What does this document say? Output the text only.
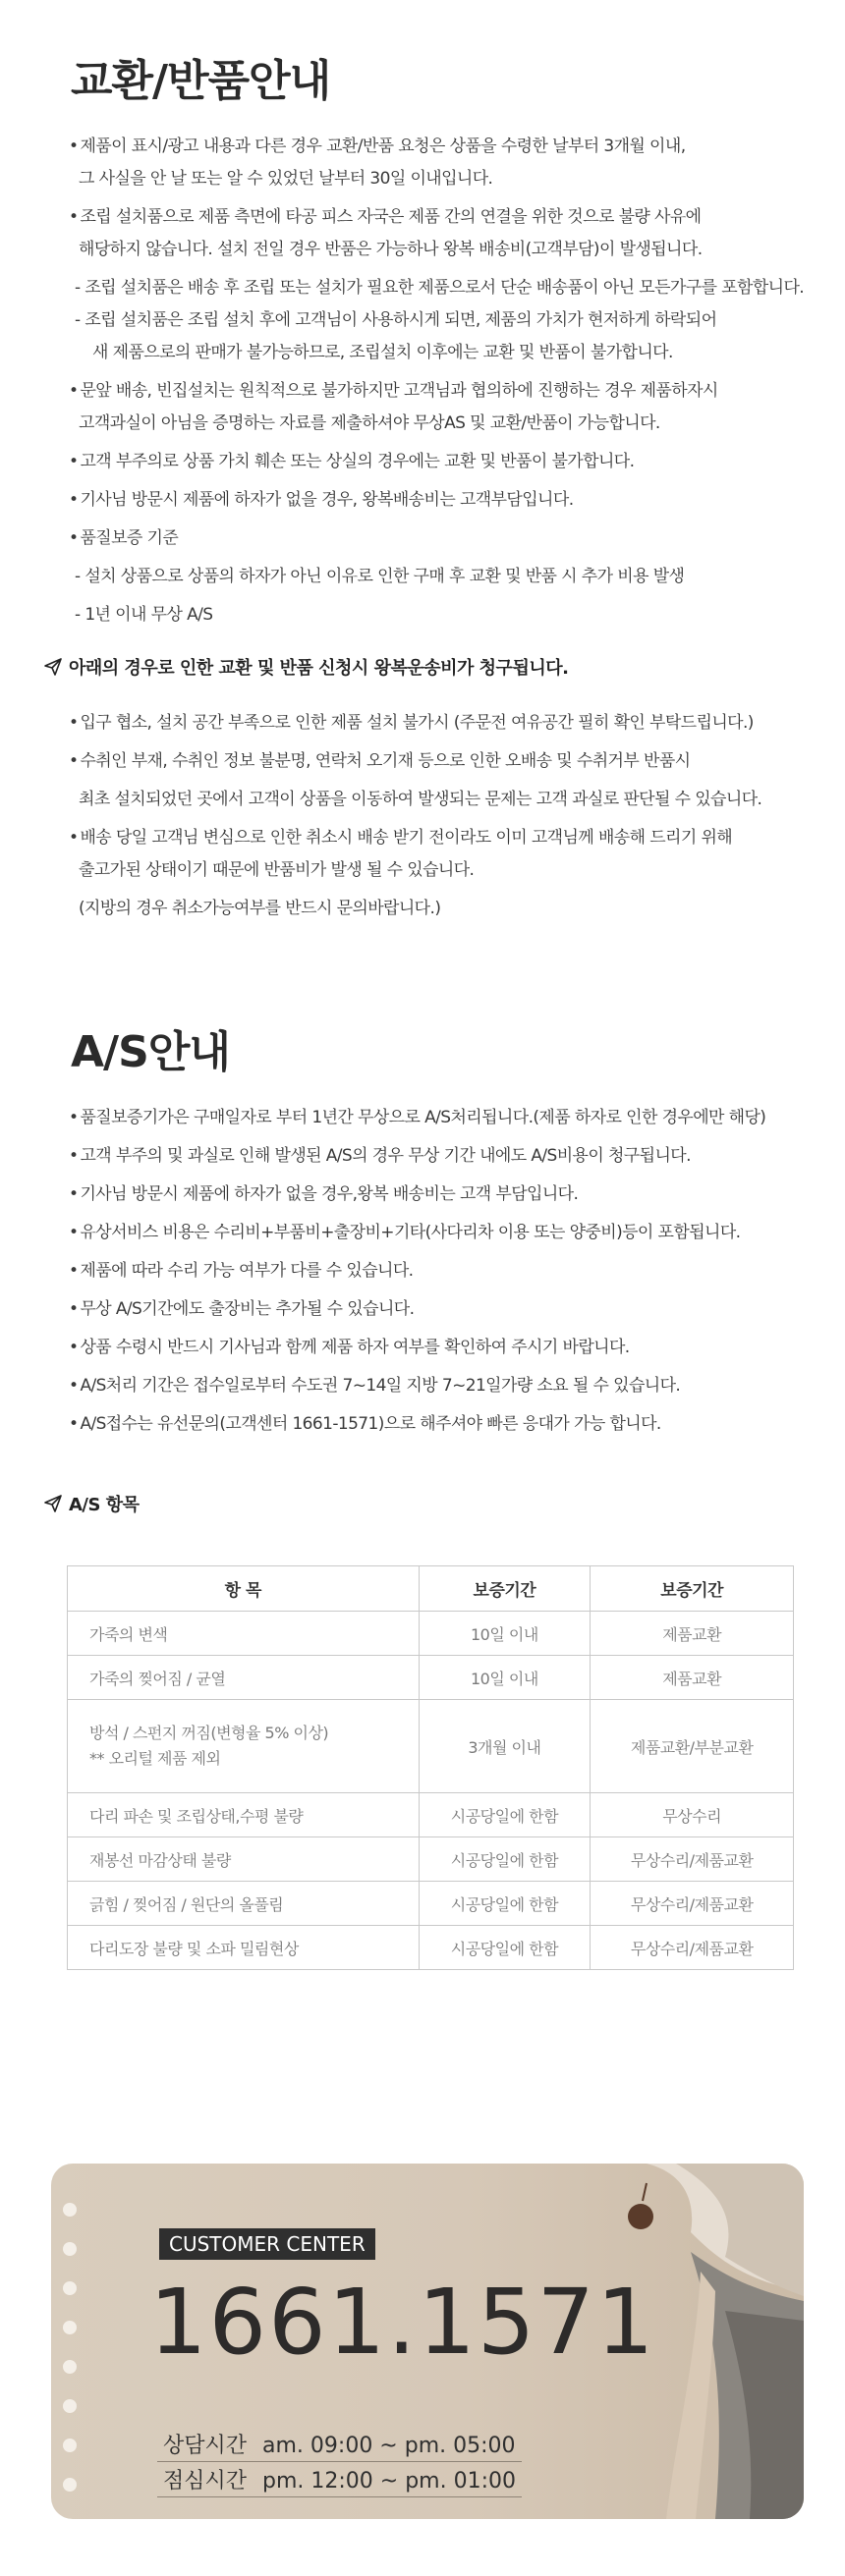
교환/반품안내

• 제품이 표시/광고 내용과 다른 경우 교환/반품 요청은 상품을 수령한 날부터 3개월 이내,

그 사실을 안 날 또는 알 수 있었던 날부터 30일 이내입니다.

• 조립 설치품으로 제품 측면에 타공 피스 자국은 제품 간의 연결을 위한 것으로 불량 사유에

해당하지 않습니다. 설치 전일 경우 반품은 가능하나 왕복 배송비(고객부담)이 발생됩니다.

- 조립 설치품은 배송 후 조립 또는 설치가 필요한 제품으로서 단순 배송품이 아닌 모든가구를 포함합니다.

- 조립 설치품은 조립 설치 후에 고객님이 사용하시게 되면, 제품의 가치가 현저하게 하락되어

새 제품으로의 판매가 불가능하므로, 조립설치 이후에는 교환 및 반품이 불가합니다.

• 문앞 배송, 빈집설치는 원칙적으로 불가하지만 고객님과 협의하에 진행하는 경우 제품하자시

고객과실이 아님을 증명하는 자료를 제출하셔야 무상AS 및 교환/반품이 가능합니다.

• 고객 부주의로 상품 가치 훼손 또는 상실의 경우에는 교환 및 반품이 불가합니다.

• 기사님 방문시 제품에 하자가 없을 경우, 왕복배송비는 고객부담입니다.

• 품질보증 기준

- 설치 상품으로 상품의 하자가 아닌 이유로 인한 구매 후 교환 및 반품 시 추가 비용 발생

- 1년 이내 무상 A/S

아래의 경우로 인한 교환 및 반품 신청시 왕복운송비가 청구됩니다.

• 입구 협소, 설치 공간 부족으로 인한 제품 설치 불가시 (주문전 여유공간 필히 확인 부탁드립니다.)

• 수취인 부재, 수취인 정보 불분명, 연락처 오기재 등으로 인한 오배송 및 수취거부 반품시

최초 설치되었던 곳에서 고객이 상품을 이동하여 발생되는 문제는 고객 과실로 판단될 수 있습니다.

• 배송 당일 고객님 변심으로 인한 취소시 배송 받기 전이라도 이미 고객님께 배송해 드리기 위해

출고가된 상태이기 때문에 반품비가 발생 될 수 있습니다.

(지방의 경우 취소가능여부를 반드시 문의바랍니다.)

A/S안내

• 품질보증기가은 구매일자로 부터 1년간 무상으로 A/S처리됩니다.(제품 하자로 인한 경우에만 해당)

• 고객 부주의 및 과실로 인해 발생된 A/S의 경우 무상 기간 내에도 A/S비용이 청구됩니다.

• 기사님 방문시 제품에 하자가 없을 경우,왕복 배송비는 고객 부담입니다.

• 유상서비스 비용은 수리비+부품비+출장비+기타(사다리차 이용 또는 양중비)등이 포함됩니다.

• 제품에 따라 수리 가능 여부가 다를 수 있습니다.

• 무상 A/S기간에도 출장비는 추가될 수 있습니다.

• 상품 수령시 반드시 기사님과 함께 제품 하자 여부를 확인하여 주시기 바랍니다.

• A/S처리 기간은 접수일로부터 수도권 7~14일 지방 7~21일가량 소요 될 수 있습니다.

• A/S접수는 유선문의(고객센터 1661-1571)으로 해주셔야 빠른 응대가 가능 합니다.

A/S 항목
항 목	보증기간	보증기간

가죽의 변색	10일 이내	제품교환

가죽의 찢어짐 / 균열	10일 이내	제품교환

방석 / 스펀지 꺼짐(변형율 5% 이상)
** 오리털 제품 제외	3개월 이내	제품교환/부분교환

다리 파손 및 조립상태,수평 불량	시공당일에 한함	무상수리

재봉선 마감상태 불량	시공당일에 한함	무상수리/제품교환

긁힘 / 찢어짐 / 원단의 올풀림	시공당일에 한함	무상수리/제품교환

다리도장 불량 및 소파 밀림현상	시공당일에 한함	무상수리/제품교환
CUSTOMER CENTER
1661.1571
상담시간 am. 09:00 ~ pm. 05:00
점심시간 pm. 12:00 ~ pm. 01:00
